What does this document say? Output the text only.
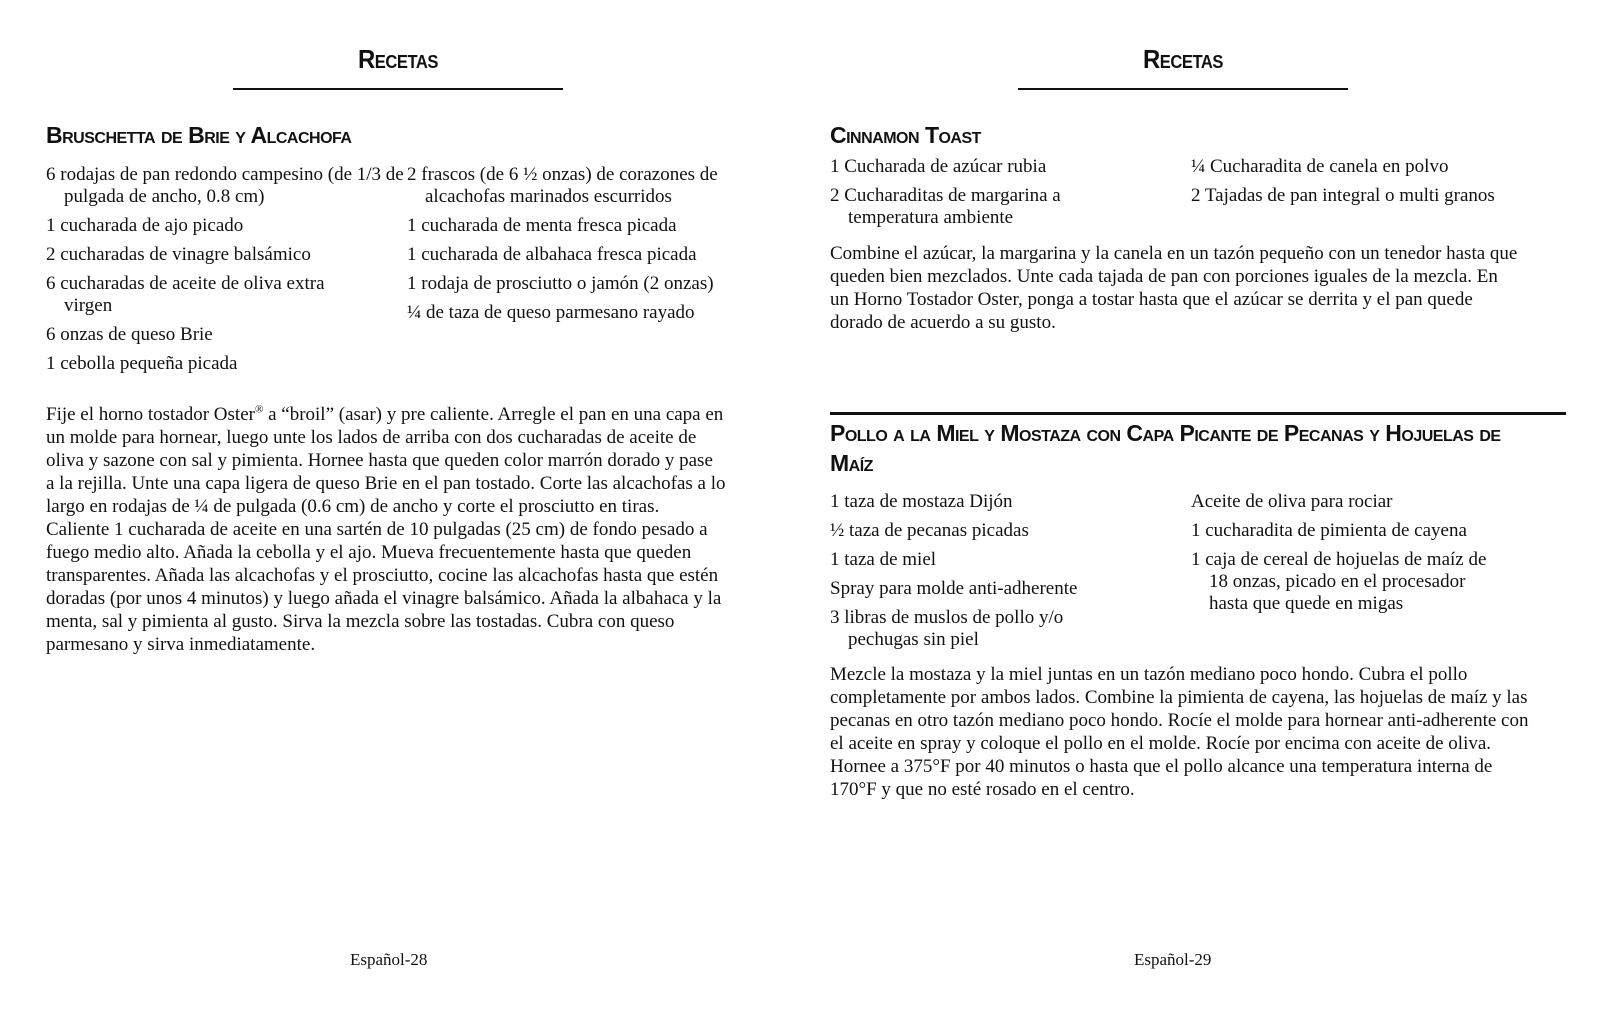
Recetas
Bruschetta de Brie y Alcachofa
6 rodajas de pan redondo campesino (de 1/3 de pulgada de ancho, 0.8 cm)
1 cucharada de ajo picado
2 cucharadas de vinagre balsámico
6 cucharadas de aceite de oliva extra virgen
6 onzas de queso Brie
1 cebolla pequeña picada
2 frascos (de 6 ½ onzas) de corazones de alcachofas marinados escurridos
1 cucharada de menta fresca picada
1 cucharada de albahaca fresca picada
1 rodaja de prosciutto o jamón (2 onzas)
¼ de taza de queso parmesano rayado

Fije el horno tostador Oster® a “broil” (asar) y pre caliente. Arregle el pan en una capa en un molde para hornear, luego unte los lados de arriba con dos cucharadas de aceite de oliva y sazone con sal y pimienta. Hornee hasta que queden color marrón dorado y pase a la rejilla. Unte una capa ligera de queso Brie en el pan tostado. Corte las alcachofas a lo largo en rodajas de ¼ de pulgada (0.6 cm) de ancho y corte el prosciutto en tiras. Caliente 1 cucharada de aceite en una sartén de 10 pulgadas (25 cm) de fondo pesado a fuego medio alto. Añada la cebolla y el ajo. Mueva frecuentemente hasta que queden transparentes. Añada las alcachofas y el prosciutto, cocine las alcachofas hasta que estén doradas (por unos 4 minutos) y luego añada el vinagre balsámico. Añada la albahaca y la menta, sal y pimienta al gusto. Sirva la mezcla sobre las tostadas. Cubra con queso parmesano y sirva inmediatamente.

Español-28
Recetas
Cinnamon Toast
1 Cucharada de azúcar rubia
2 Cucharaditas de margarina a temperatura ambiente
¼ Cucharadita de canela en polvo
2 Tajadas de pan integral o multi granos

Combine el azúcar, la margarina y la canela en un tazón pequeño con un tenedor hasta que queden bien mezclados. Unte cada tajada de pan con porciones iguales de la mezcla. En un Horno Tostador Oster, ponga a tostar hasta que el azúcar se derrita y el pan quede dorado de acuerdo a su gusto.

Pollo a la Miel y Mostaza con Capa Picante de Pecanas y Hojuelas de Maíz
1 taza de mostaza Dijón
½ taza de pecanas picadas
1 taza de miel
Spray para molde anti-adherente
3 libras de muslos de pollo y/o pechugas sin piel
Aceite de oliva para rociar
1 cucharadita de pimienta de cayena
1 caja de cereal de hojuelas de maíz de 18 onzas, picado en el procesador hasta que quede en migas

Mezcle la mostaza y la miel juntas en un tazón mediano poco hondo. Cubra el pollo completamente por ambos lados. Combine la pimienta de cayena, las hojuelas de maíz y las pecanas en otro tazón mediano poco hondo. Rocíe el molde para hornear anti-adherente con el aceite en spray y coloque el pollo en el molde. Rocíe por encima con aceite de oliva. Hornee a 375°F por 40 minutos o hasta que el pollo alcance una temperatura interna de 170°F y que no esté rosado en el centro.

Español-29
